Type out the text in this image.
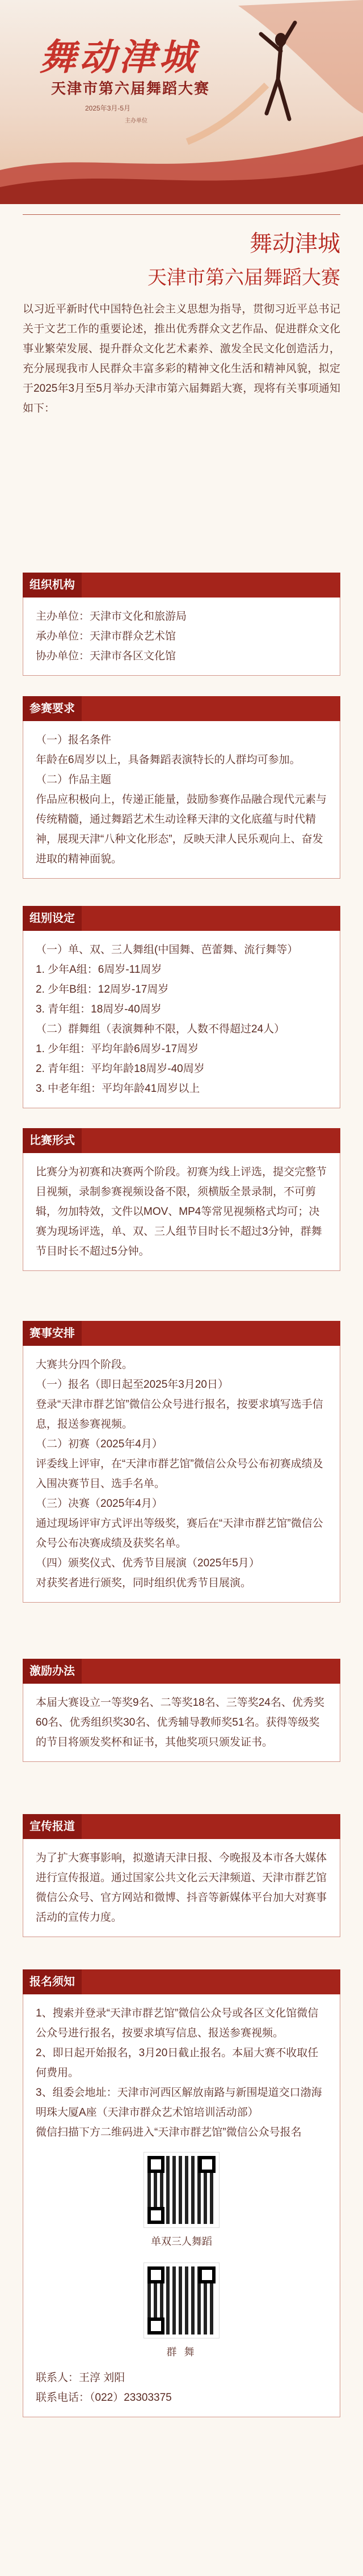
舞动津城
天津市第六届舞蹈大赛
2025年3月-5月
主办单位
舞动津城
天津市第六届舞蹈大赛
以习近平新时代中国特色社会主义思想为指导，贯彻习近平总书记关于文艺工作的重要论述，推出优秀群众文艺作品、促进群众文化事业繁荣发展、提升群众文化艺术素养、激发全民文化创造活力，充分展现我市人民群众丰富多彩的精神文化生活和精神风貌，拟定于2025年3月至5月举办天津市第六届舞蹈大赛，现将有关事项通知如下：
组织机构
主办单位：天津市文化和旅游局
承办单位：天津市群众艺术馆
协办单位：天津市各区文化馆
参赛要求
（一）报名条件
年龄在6周岁以上，具备舞蹈表演特长的人群均可参加。
（二）作品主题
作品应积极向上，传递正能量，鼓励参赛作品融合现代元素与传统精髓，通过舞蹈艺术生动诠释天津的文化底蕴与时代精神，展现天津“八种文化形态”，反映天津人民乐观向上、奋发进取的精神面貌。
组别设定
（一）单、双、三人舞组(中国舞、芭蕾舞、流行舞等）
1. 少年A组：6周岁-11周岁
2. 少年B组：12周岁-17周岁
3. 青年组：18周岁-40周岁
（二）群舞组（表演舞种不限，人数不得超过24人）
1. 少年组：平均年龄6周岁-17周岁
2. 青年组：平均年龄18周岁-40周岁
3. 中老年组：平均年龄41周岁以上
比赛形式
比赛分为初赛和决赛两个阶段。初赛为线上评选，提交完整节目视频，录制参赛视频设备不限，须横版全景录制，不可剪辑，勿加特效，文件以MOV、MP4等常见视频格式均可；决赛为现场评选，单、双、三人组节目时长不超过3分钟，群舞节目时长不超过5分钟。
赛事安排
大赛共分四个阶段。
（一）报名（即日起至2025年3月20日）
登录“天津市群艺馆”微信公众号进行报名，按要求填写选手信息，报送参赛视频。
（二）初赛（2025年4月）
评委线上评审，在“天津市群艺馆”微信公众号公布初赛成绩及入围决赛节目、选手名单。
（三）决赛（2025年4月）
通过现场评审方式评出等级奖，赛后在“天津市群艺馆”微信公众号公布决赛成绩及获奖名单。
（四）颁奖仪式、优秀节目展演（2025年5月）
对获奖者进行颁奖，同时组织优秀节目展演。
激励办法
本届大赛设立一等奖9名、二等奖18名、三等奖24名、优秀奖60名、优秀组织奖30名、优秀辅导教师奖51名。获得等级奖的节目将颁发奖杯和证书，其他奖项只颁发证书。
宣传报道
为了扩大赛事影响，拟邀请天津日报、今晚报及本市各大媒体进行宣传报道。通过国家公共文化云天津频道、天津市群艺馆微信公众号、官方网站和微博、抖音等新媒体平台加大对赛事活动的宣传力度。
报名须知
1、搜索并登录“天津市群艺馆”微信公众号或各区文化馆微信公众号进行报名，按要求填写信息、报送参赛视频。
2、即日起开始报名，3月20日截止报名。本届大赛不收取任何费用。
3、组委会地址：天津市河西区解放南路与新围堤道交口渤海明珠大厦A座（天津市群众艺术馆培训活动部）
微信扫描下方二维码进入“天津市群艺馆”微信公众号报名
单双三人舞蹈
群 舞
联系人：王淳 刘阳
联系电话：（022）23303375
